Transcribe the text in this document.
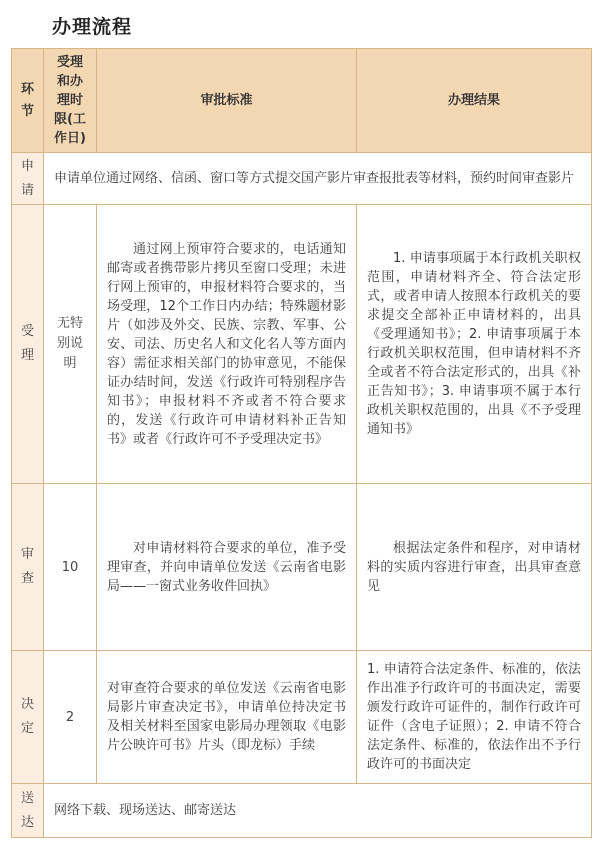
办理流程
环节	受理和办理时限(工作日)	审批标准	办理结果
申请	申请单位通过网络、信函、窗口等方式提交国产影片审查报批表等材料，预约时间审查影片		
受理	无特别说明	通过网上预审符合要求的，电话通知邮寄或者携带影片拷贝至窗口受理；未进行网上预审的，申报材料符合要求的，当场受理，12个工作日内办结；特殊题材影片（如涉及外交、民族、宗教、军事、公安、司法、历史名人和文化名人等方面内容）需征求相关部门的协审意见，不能保证办结时间，发送《行政许可特别程序告知书》；申报材料不齐或者不符合要求的，发送《行政许可申请材料补正告知书》或者《行政许可不予受理决定书》	1. 申请事项属于本行政机关职权范围，申请材料齐全、符合法定形式，或者申请人按照本行政机关的要求提交全部补正申请材料的，出具《受理通知书》；2. 申请事项属于本行政机关职权范围，但申请材料不齐全或者不符合法定形式的，出具《补正告知书》；3. 申请事项不属于本行政机关职权范围的，出具《不予受理通知书》
审查	10	对申请材料符合要求的单位，准予受理审查，并向申请单位发送《云南省电影局——一窗式业务收件回执》	根据法定条件和程序，对申请材料的实质内容进行审查，出具审查意见
决定	2	对审查符合要求的单位发送《云南省电影局影片审查决定书》，申请单位持决定书及相关材料至国家电影局办理领取《电影片公映许可书》片头（即龙标）手续	1. 申请符合法定条件、标准的，依法作出准予行政许可的书面决定，需要颁发行政许可证件的，制作行政许可证件（含电子证照）；2. 申请不符合法定条件、标准的，依法作出不予行政许可的书面决定
送达	网络下载、现场送达、邮寄送达		
